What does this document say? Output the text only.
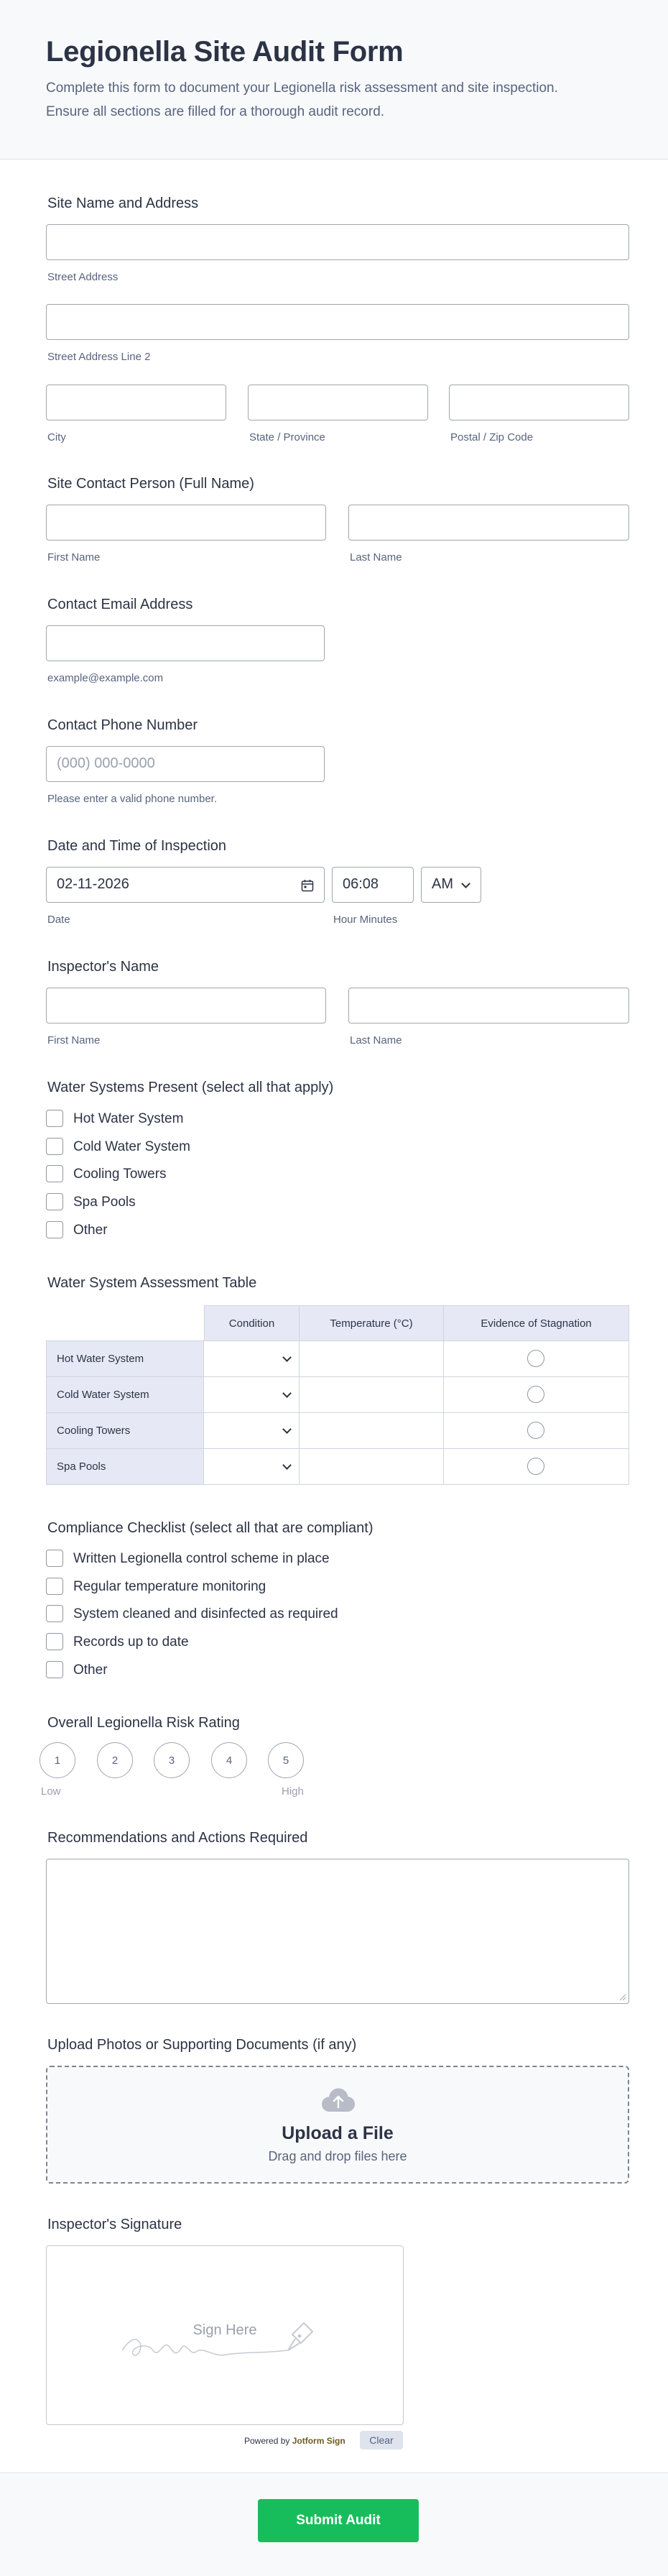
Legionella Site Audit Form

Complete this form to document your Legionella risk assessment and site inspection. Ensure all sections are filled for a thorough audit record.

Site Name and Address
Street Address
Street Address Line 2
City	State / Province	Postal / Zip Code
Site Contact Person (Full Name)
First Name	Last Name
Contact Email Address
example@example.com
Contact Phone Number
(000) 000-0000
Please enter a valid phone number.
Date and Time of Inspection
02-11-2026
Date
06:08
Hour Minutes
AM
Inspector's Name
First Name	Last Name
Water Systems Present (select all that apply)
Hot Water System
Cold Water System
Cooling Towers
Spa Pools
Other
Water System Assessment Table
Condition	Temperature (°C)	Evidence of Stagnation
Hot Water System
Cold Water System
Cooling Towers
Spa Pools
Compliance Checklist (select all that are compliant)
Written Legionella control scheme in place
Regular temperature monitoring
System cleaned and disinfected as required
Records up to date
Other
Overall Legionella Risk Rating
1	2	3	4	5
Low	High
Recommendations and Actions Required
Upload Photos or Supporting Documents (if any)
Upload a File
Drag and drop files here
Inspector's Signature
Sign Here
Powered by Jotform Sign	Clear
Submit Audit
